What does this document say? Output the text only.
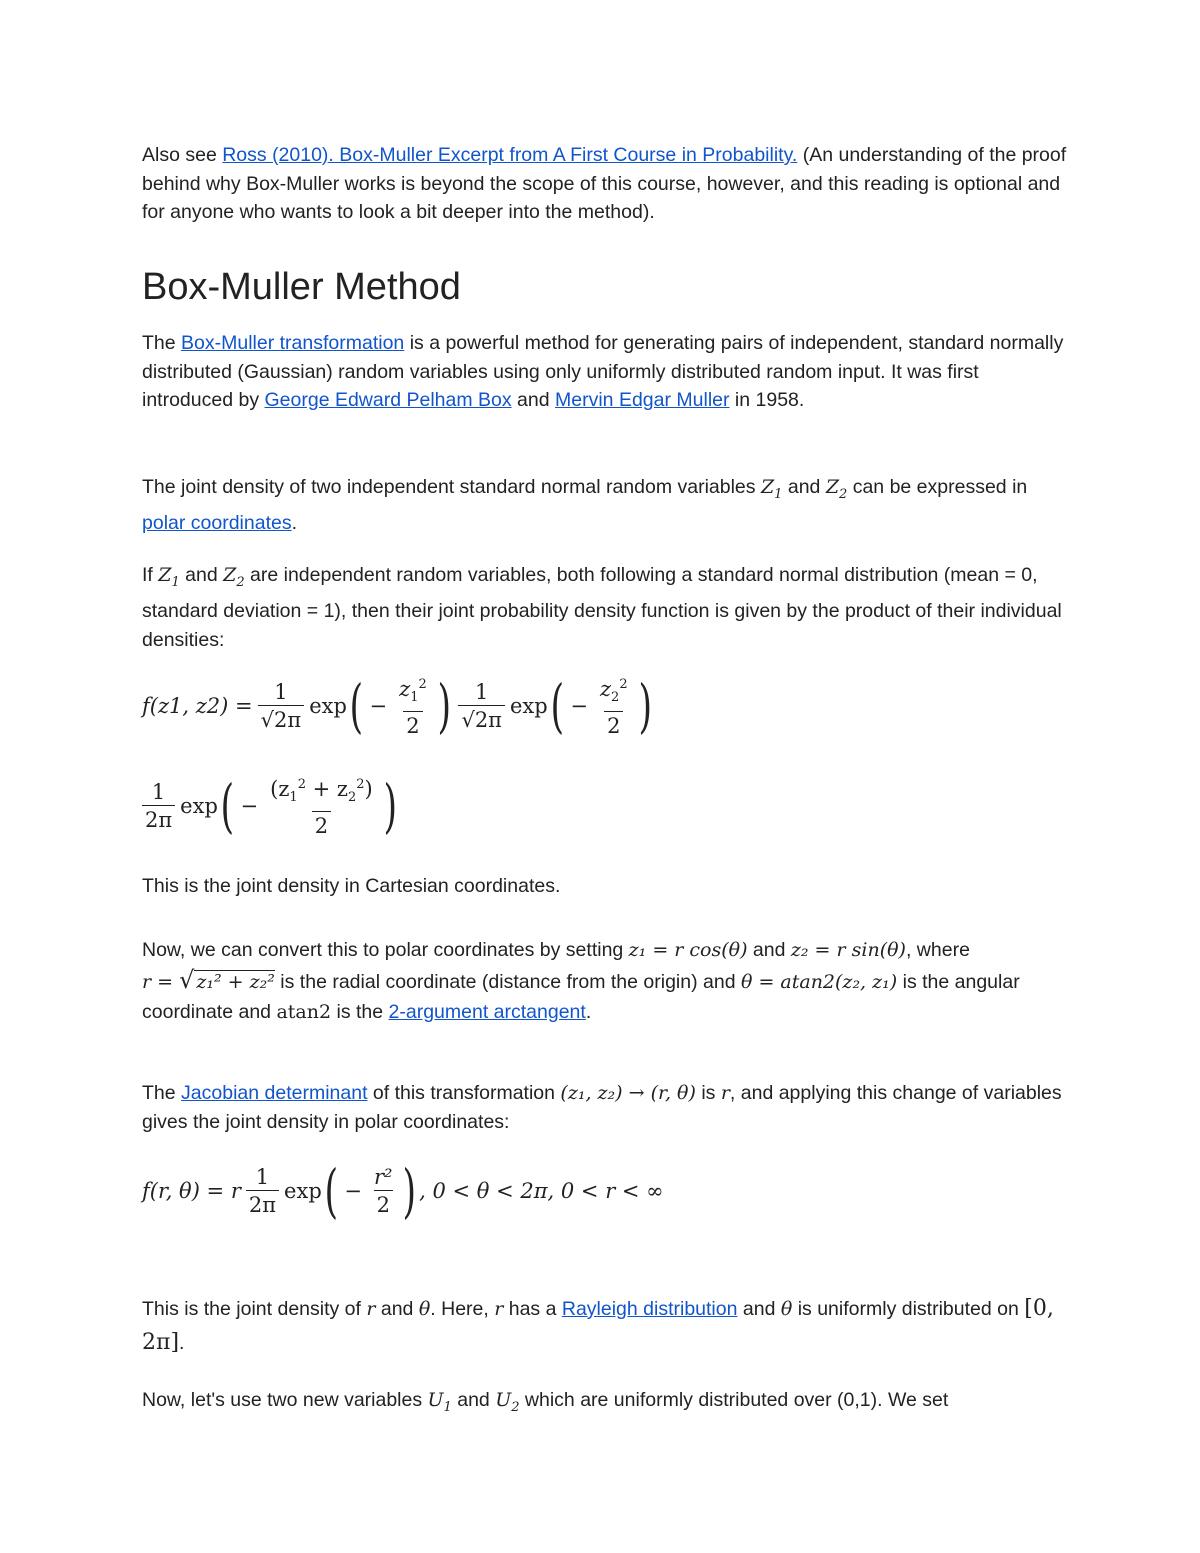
Also see Ross (2010). Box-Muller Excerpt from A First Course in Probability. (An understanding of the proof behind why Box-Muller works is beyond the scope of this course, however, and this reading is optional and for anyone who wants to look a bit deeper into the method).

Box-Muller Method

The Box-Muller transformation is a powerful method for generating pairs of independent, standard normally distributed (Gaussian) random variables using only uniformly distributed random input. It was first introduced by George Edward Pelham Box and Mervin Edgar Muller in 1958.

The joint density of two independent standard normal random variables $Z_1$ and $Z_2$ can be expressed in polar coordinates.

If $Z_1$ and $Z_2$ are independent random variables, both following a standard normal distribution (mean = 0, standard deviation = 1), then their joint probability density function is given by the product of their individual densities:

f(z1, $z2) = \frac{1}{√2\pi}$ exp ( − $\frac{z_1^2}{2}$ ) $\frac{1}{√2\pi}$ exp ( − $\frac{z_2^2}{2}$ )
$\frac{1}{2\pi}$ exp ( − $\frac{(z_1^2 + z_2^2)}{2}$ )

This is the joint density in Cartesian coordinates.

Now, we can convert this to polar coordinates by setting z₁ = r cos(θ) and z₂ = r sin(θ), where
r = √ z₁² + z₂² is the radial coordinate (distance from the origin) and θ = atan2(z₂, z₁) is the angular coordinate and atan2 is the 2-argument arctangent.

The Jacobian determinant of this transformation (z₁, z₂) → (r, θ) is r, and applying this change of variables gives the joint density in polar coordinates:

f(r, θ) = r $\frac{1}{2\pi}$ exp ( − $\frac{\text{r²}}{2}$ ) , 0 < θ < 2π, 0 < r < ∞

This is the joint density of r and θ. Here, r has a Rayleigh distribution and θ is uniformly distributed on [0, 2π].

Now, let's use two new variables $U_1$ and $U_2$ which are uniformly distributed over (0,1). We set
